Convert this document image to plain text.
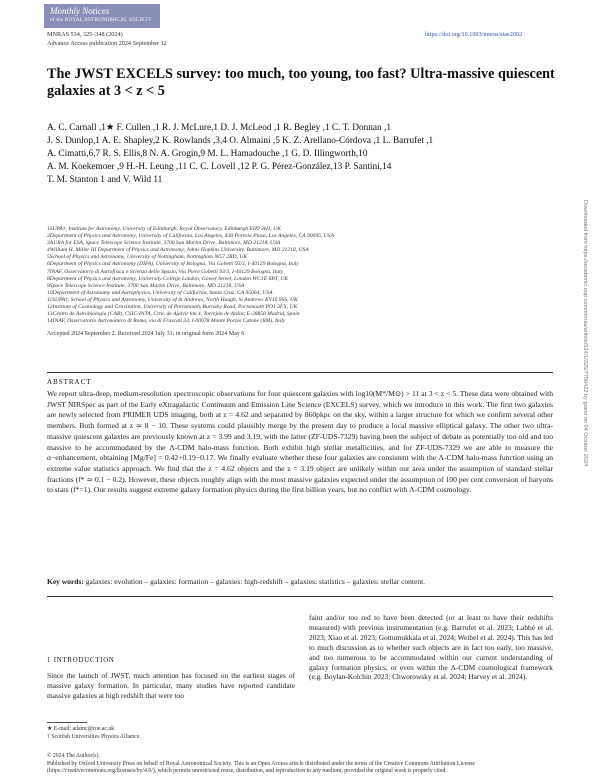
Monthly Notices
of the ROYAL ASTRONOMICAL SOCIETY
MNRAS 534, 325–348 (2024)
Advance Access publication 2024 September 12
https://doi.org/10.1093/mnras/stae2092
The JWST EXCELS survey: too much, too young, too fast? Ultra-massive quiescent galaxies at 3 < z < 5
A. C. Carnall ,1★ F. Cullen ,1 R. J. McLure,1 D. J. McLeod ,1 R. Begley ,1 C. T. Donnan ,1
J. S. Dunlop,1 A. E. Shapley,2 K. Rowlands ,3,4 O. Almaini ,5 K. Z. Arellano-Córdova ,1 L. Barrufet ,1
A. Cimatti,6,7 R. S. Ellis,8 N. A. Grogin,9 M. L. Hamadouche ,1 G. D. Illingworth,10
A. M. Koekemoer ,9 H.-H. Leung ,11 C. C. Lovell ,12 P. G. Pérez-González,13 P. Santini,14
T. M. Stanton 1 and V. Wild 11
1SUPA†, Institute for Astronomy, University of Edinburgh, Royal Observatory, Edinburgh EH9 3HJ, UK
2Department of Physics and Astronomy, University of California, Los Angeles, 430 Portola Plaza, Los Angeles, CA 90095, USA
3AURA for ESA, Space Telescope Science Institute, 3700 San Martin Drive, Baltimore, MD 21218, USA
4William H. Miller III Department of Physics and Astronomy, Johns Hopkins University, Baltimore, MD 21218, USA
5School of Physics and Astronomy, University of Nottingham, Nottingham NG7 2RD, UK
6Department of Physics and Astronomy (DIFA), University of Bologna, Via Gobetti 93/2, I-40129 Bologna, Italy
7INAF, Osservatorio di Astrofisica e Scienza dello Spazio, Via Piero Gobetti 93/3, I-40129 Bologna, Italy
8Department of Physics and Astronomy, University College London, Gower Street, London WC1E 6BT, UK
9Space Telescope Science Institute, 3700 San Martin Drive, Baltimore, MD 21218, USA
10Department of Astronomy and Astrophysics, University of California, Santa Cruz, CA 95064, USA
11SUPA†, School of Physics and Astronomy, University of St Andrews, North Haugh, St Andrews KY16 9SS, UK
12Institute of Cosmology and Gravitation, University of Portsmouth, Burnaby Road, Portsmouth PO1 3FX, UK
13Centro de Astrobiología (CAB), CSIC-INTA, Ctra. de Ajalvir km 4, Torrejón de Ardoz, E-28850 Madrid, Spain
14INAF, Osservatorio Astronomico di Roma, via di Frascati 33, I-00078 Monte Porzio Catone (RM), Italy
Accepted 2024 September 2. Received 2024 July 31; in original form 2024 May 6
ABSTRACT
We report ultra-deep, medium-resolution spectroscopic observations for four quiescent galaxies with log10(M*/M⊙) > 11 at 3 < z < 5. These data were obtained with JWST NIRSpec as part of the Early eXtragalactic Continuum and Emission Line Science (EXCELS) survey, which we introduce in this work. The first two galaxies are newly selected from PRIMER UDS imaging, both at z = 4.62 and separated by 860pkpc on the sky, within a larger structure for which we confirm several other members. Both formed at z ≃ 8 − 10. These systems could plausibly merge by the present day to produce a local massive elliptical galaxy. The other two ultra-massive quiescent galaxies are previously known at z = 3.99 and 3.19, with the latter (ZF-UDS-7329) having been the subject of debate as potentially too old and too massive to be accommodated by the Λ-CDM halo-mass function. Both exhibit high stellar metallicities, and for ZF-UDS-7329 we are able to measure the α−enhancement, obtaining [Mg/Fe] = 0.42+0.19−0.17. We finally evaluate whether these four galaxies are consistent with the Λ-CDM halo-mass function using an extreme value statistics approach. We find that the z = 4.62 objects and the z = 3.19 object are unlikely within our area under the assumption of standard stellar fractions (f* ≃ 0.1 − 0.2). However, these objects roughly align with the most massive galaxies expected under the assumption of 100 per cent conversion of baryons to stars (f*=1). Our results suggest extreme galaxy formation physics during the first billion years, but no conflict with Λ-CDM cosmology.
Key words: galaxies: evolution – galaxies: formation – galaxies: high-redshift – galaxies: statistics – galaxies: stellar content.
1 INTRODUCTION
Since the launch of JWST, much attention has focused on the earliest stages of massive galaxy formation. In particular, many studies have reported candidate massive galaxies at high redshift that were too
faint and/or too red to have been detected (or at least to have their redshifts measured) with previous instrumentation (e.g. Barrufet et al. 2023; Labbé et al. 2023; Xiao et al. 2023; Gottumukkala et al. 2024; Weibel et al. 2024). This has led to much discussion as to whether such objects are in fact too early, too massive, and too numerous to be accommodated within our current understanding of galaxy formation physics, or even within the Λ-CDM cosmological framework (e.g. Boylan-Kolchin 2023; Chworowsky et al. 2024; Harvey et al. 2024).
★ E-mail: adamc@roe.ac.uk
† Scottish Universities Physics Alliance.
© 2024 The Author(s).
Published by Oxford University Press on behalf of Royal Astronomical Society. This is an Open Access article distributed under the terms of the Creative Commons Attribution License (https://creativecommons.org/licenses/by/4.0/), which permits unrestricted reuse, distribution, and reproduction in any medium, provided the original work is properly cited.
Downloaded from https://academic.oup.com/mnras/article/534/1/325/7756422 by guest on 04 October 2024
